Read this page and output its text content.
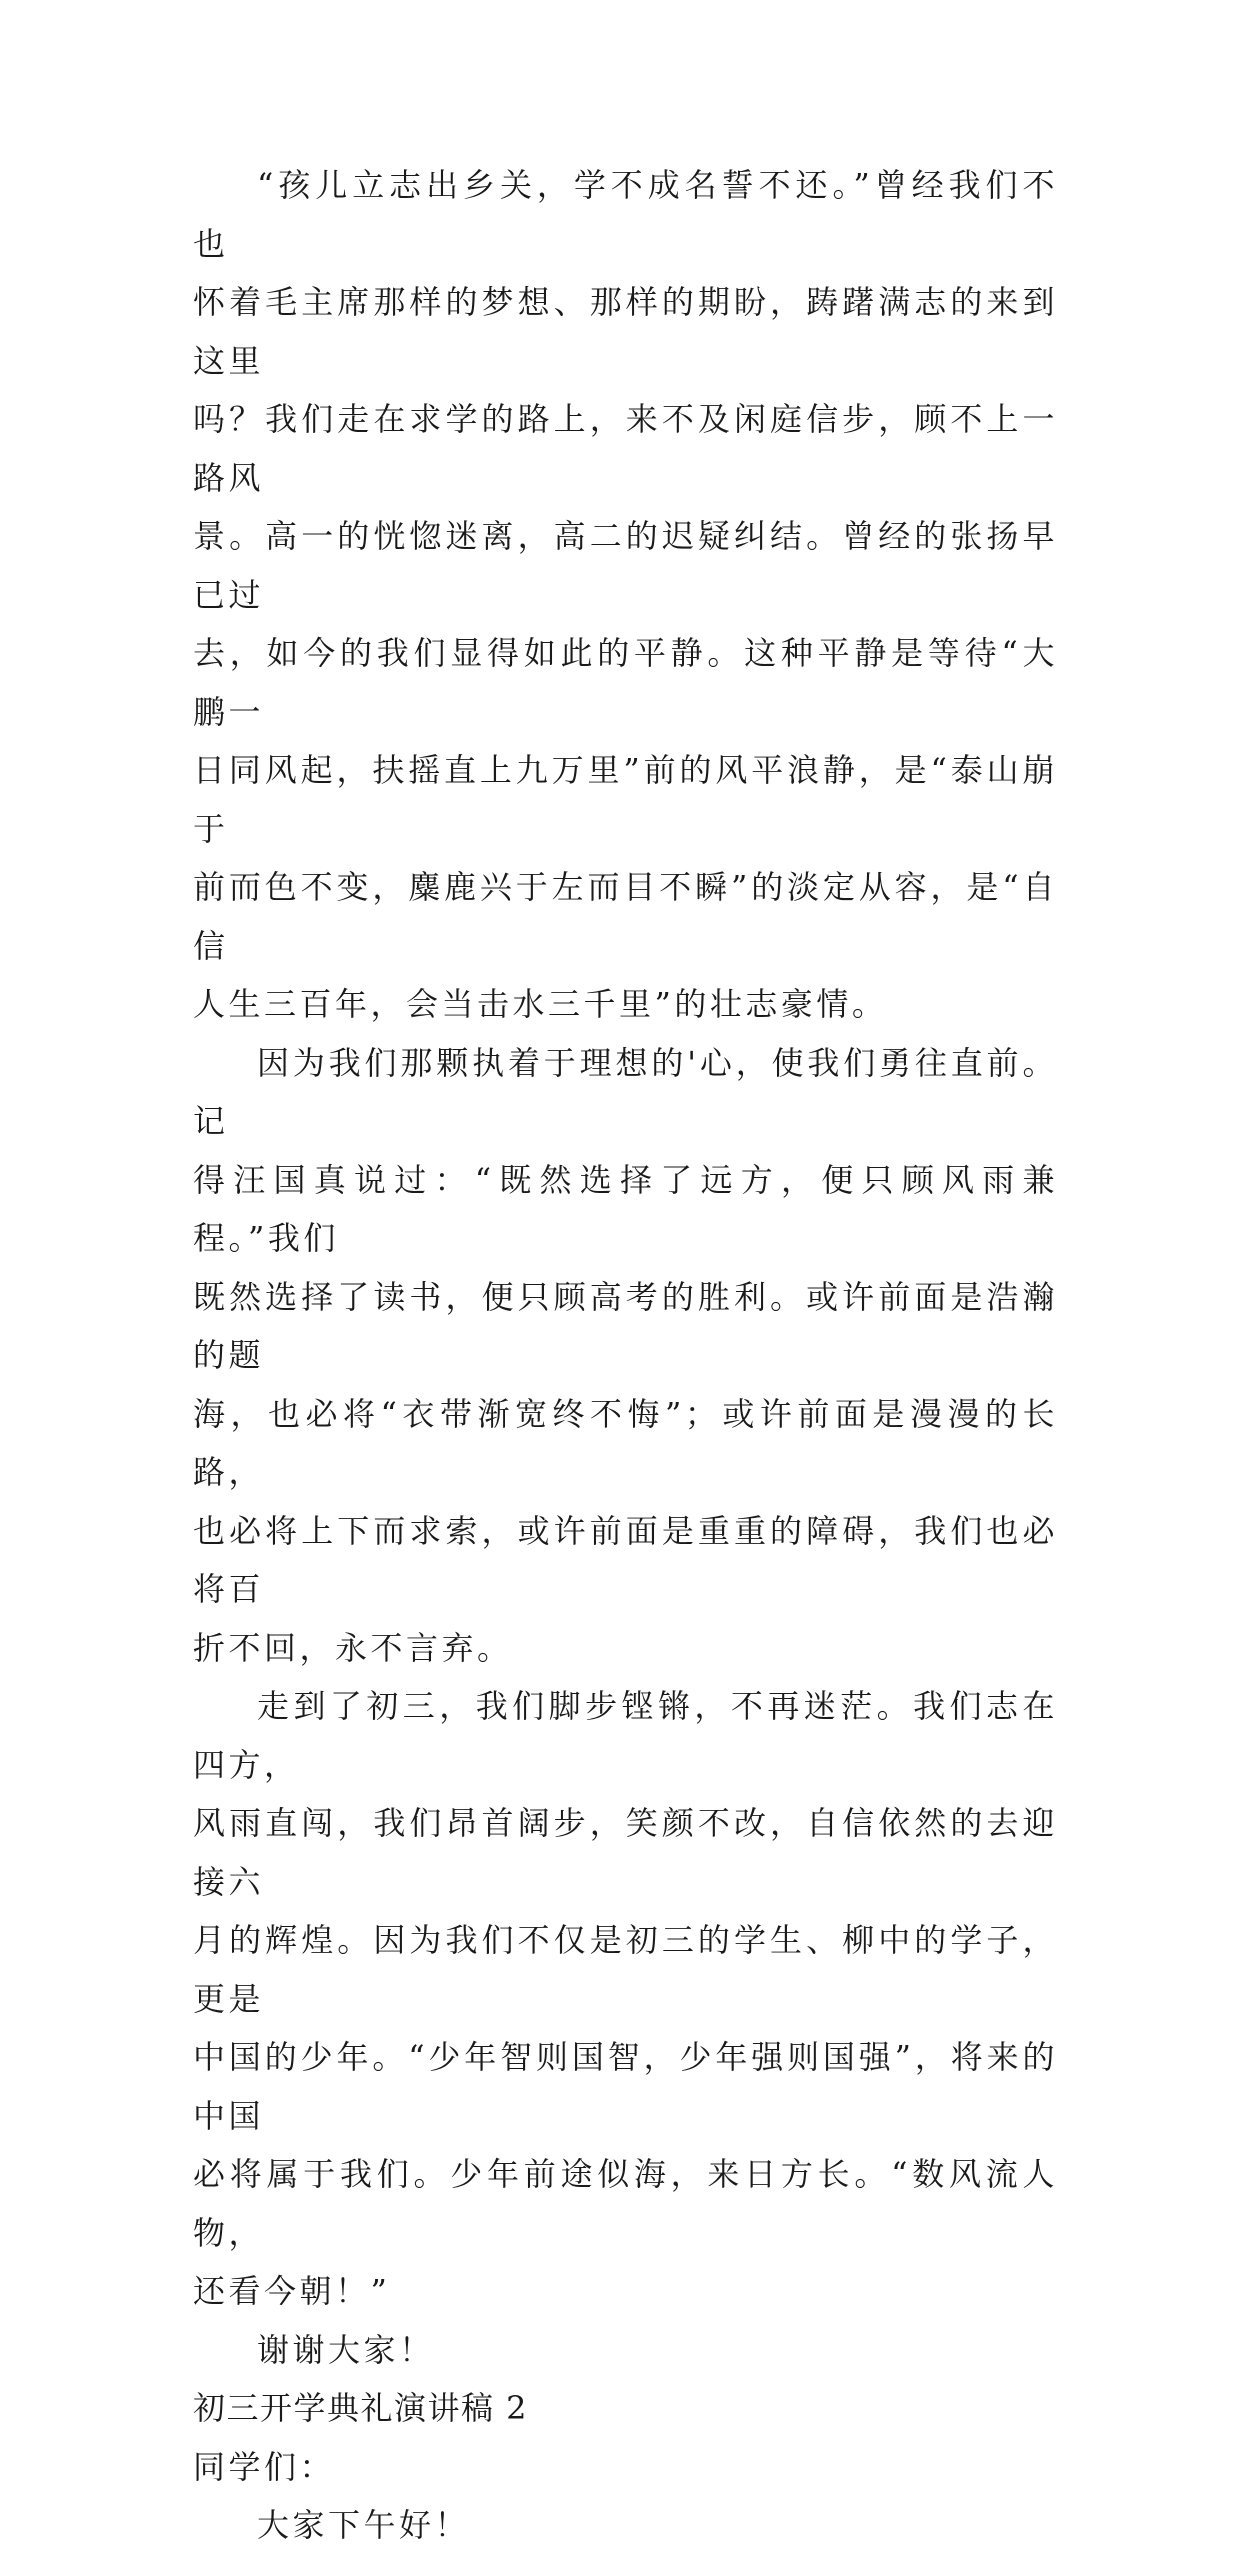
“孩儿立志出乡关，学不成名誓不还。”曾经我们不也
怀着毛主席那样的梦想、那样的期盼，踌躇满志的来到这里
吗？我们走在求学的路上，来不及闲庭信步，顾不上一路风
景。高一的恍惚迷离，高二的迟疑纠结。曾经的张扬早已过
去，如今的我们显得如此的平静。这种平静是等待“大鹏一
日同风起，扶摇直上九万里”前的风平浪静，是“泰山崩于
前而色不变，麋鹿兴于左而目不瞬”的淡定从容，是“自信
人生三百年，会当击水三千里”的壮志豪情。

因为我们那颗执着于理想的'心，使我们勇往直前。记
得汪国真说过：“既然选择了远方，便只顾风雨兼程。”我们
既然选择了读书，便只顾高考的胜利。或许前面是浩瀚的题
海，也必将“衣带渐宽终不悔”；或许前面是漫漫的长路，
也必将上下而求索，或许前面是重重的障碍，我们也必将百
折不回，永不言弃。

走到了初三，我们脚步铿锵，不再迷茫。我们志在四方，
风雨直闯，我们昂首阔步，笑颜不改，自信依然的去迎接六
月的辉煌。因为我们不仅是初三的学生、柳中的学子，更是
中国的少年。“少年智则国智，少年强则国强”，将来的中国
必将属于我们。少年前途似海，来日方长。“数风流人物，
还看今朝！”

谢谢大家！

初三开学典礼演讲稿 2

同学们：

大家下午好！
